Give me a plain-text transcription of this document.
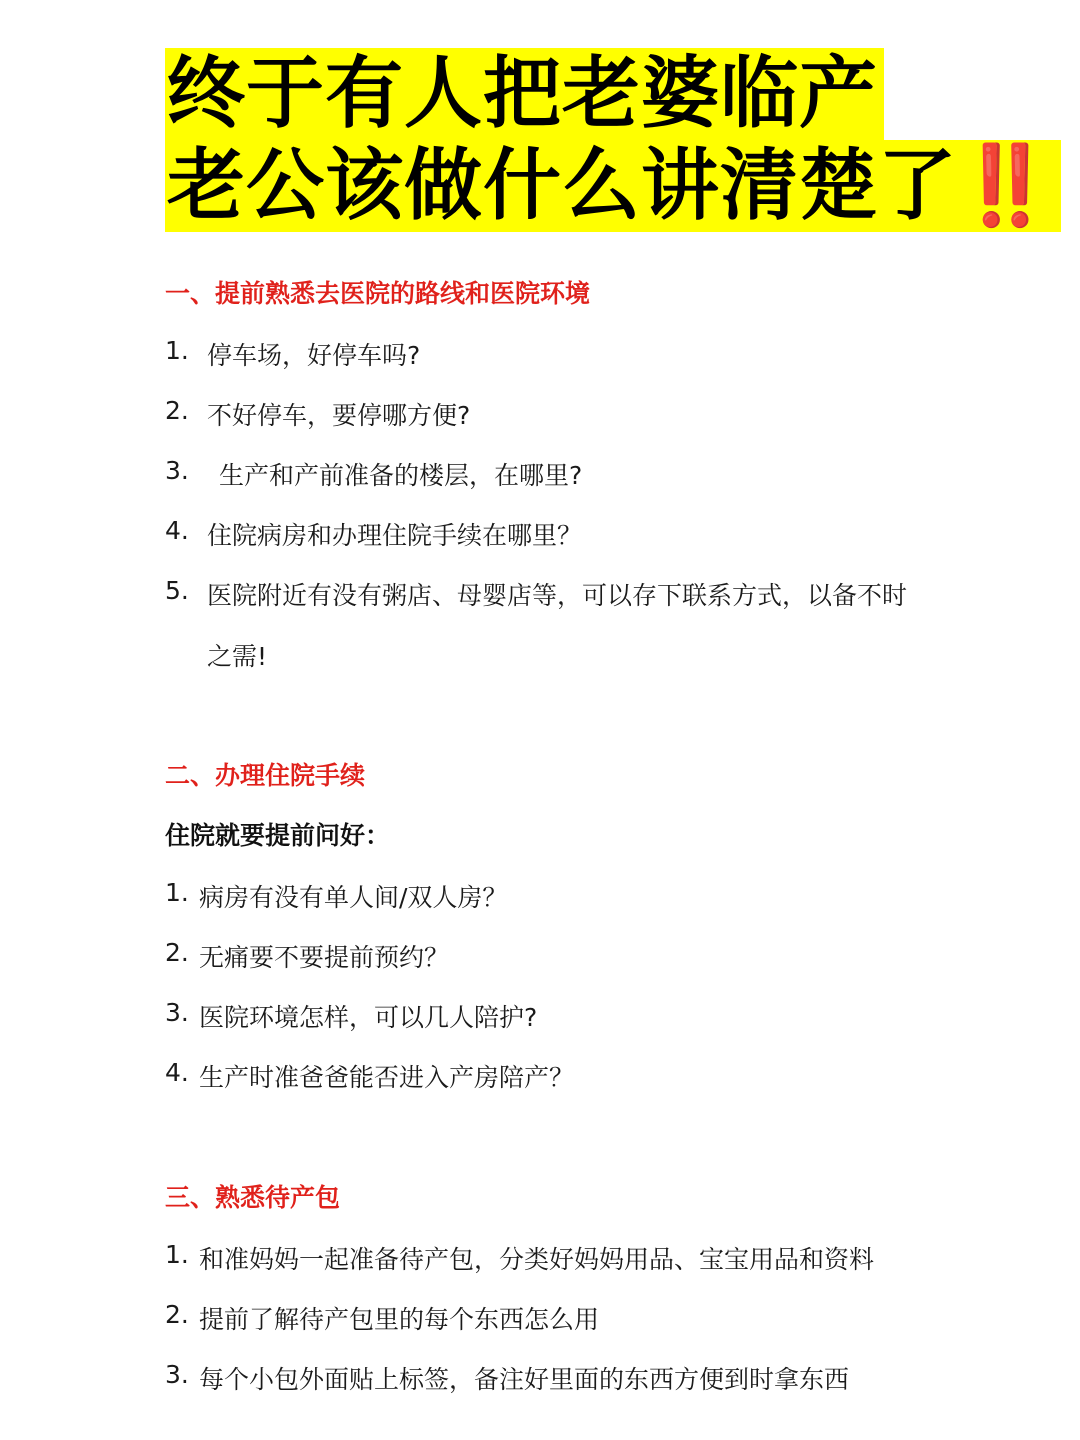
终于有人把老婆临产
老公该做什么讲清楚了‼️
一、提前熟悉去医院的路线和医院环境
1. 停车场，好停车吗?
2. 不好停车，要停哪方便?
3. 生产和产前准备的楼层，在哪里?
4. 住院病房和办理住院手续在哪里？
5. 医院附近有没有粥店、母婴店等，可以存下联系方式，以备不时
之需!
二、办理住院手续
住院就要提前问好：
1. 病房有没有单人间/双人房？
2. 无痛要不要提前预约？
3. 医院环境怎样，可以几人陪护?
4. 生产时准爸爸能否进入产房陪产？
三、熟悉待产包
1. 和准妈妈一起准备待产包，分类好妈妈用品、宝宝用品和资料
2. 提前了解待产包里的每个东西怎么用
3. 每个小包外面贴上标签，备注好里面的东西方便到时拿东西
